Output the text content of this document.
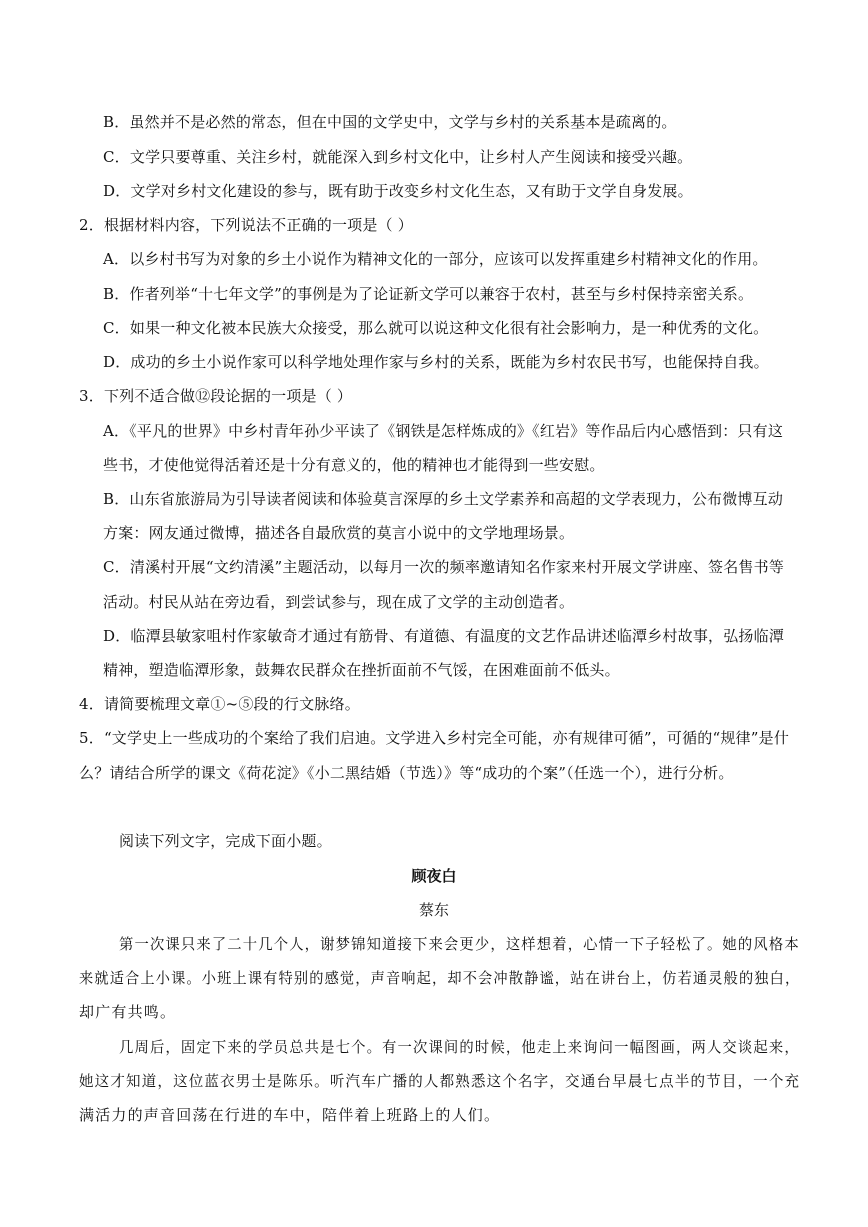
B．虽然并不是必然的常态，但在中国的文学史中，文学与乡村的关系基本是疏离的。
C．文学只要尊重、关注乡村，就能深入到乡村文化中，让乡村人产生阅读和接受兴趣。
D．文学对乡村文化建设的参与，既有助于改变乡村文化生态，又有助于文学自身发展。
2．根据材料内容，下列说法不正确的一项是（ ）
A．以乡村书写为对象的乡土小说作为精神文化的一部分，应该可以发挥重建乡村精神文化的作用。
B．作者列举“十七年文学”的事例是为了论证新文学可以兼容于农村，甚至与乡村保持亲密关系。
C．如果一种文化被本民族大众接受，那么就可以说这种文化很有社会影响力，是一种优秀的文化。
D．成功的乡土小说作家可以科学地处理作家与乡村的关系，既能为乡村农民书写，也能保持自我。
3．下列不适合做⑫段论据的一项是（ ）
A．《平凡的世界》中乡村青年孙少平读了《钢铁是怎样炼成的》《红岩》等作品后内心感悟到：只有这
些书，才使他觉得活着还是十分有意义的，他的精神也才能得到一些安慰。
B．山东省旅游局为引导读者阅读和体验莫言深厚的乡土文学素养和高超的文学表现力，公布微博互动
方案：网友通过微博，描述各自最欣赏的莫言小说中的文学地理场景。
C．清溪村开展“文约清溪”主题活动，以每月一次的频率邀请知名作家来村开展文学讲座、签名售书等
活动。村民从站在旁边看，到尝试参与，现在成了文学的主动创造者。
D．临潭县敏家咀村作家敏奇才通过有筋骨、有道德、有温度的文艺作品讲述临潭乡村故事，弘扬临潭
精神，塑造临潭形象，鼓舞农民群众在挫折面前不气馁，在困难面前不低头。
4．请简要梳理文章①~⑤段的行文脉络。
5．“文学史上一些成功的个案给了我们启迪。文学进入乡村完全可能，亦有规律可循”，可循的“规律”是什
么？请结合所学的课文《荷花淀》《小二黑结婚（节选）》等“成功的个案”（任选一个），进行分析。
阅读下列文字，完成下面小题。
顾夜白
蔡东
第一次课只来了二十几个人，谢梦锦知道接下来会更少，这样想着，心情一下子轻松了。她的风格本
来就适合上小课。小班上课有特别的感觉，声音响起，却不会冲散静谧，站在讲台上，仿若通灵般的独白，
却广有共鸣。
几周后，固定下来的学员总共是七个。有一次课间的时候，他走上来询问一幅图画，两人交谈起来，
她这才知道，这位蓝衣男士是陈乐。听汽车广播的人都熟悉这个名字，交通台早晨七点半的节目，一个充
满活力的声音回荡在行进的车中，陪伴着上班路上的人们。
